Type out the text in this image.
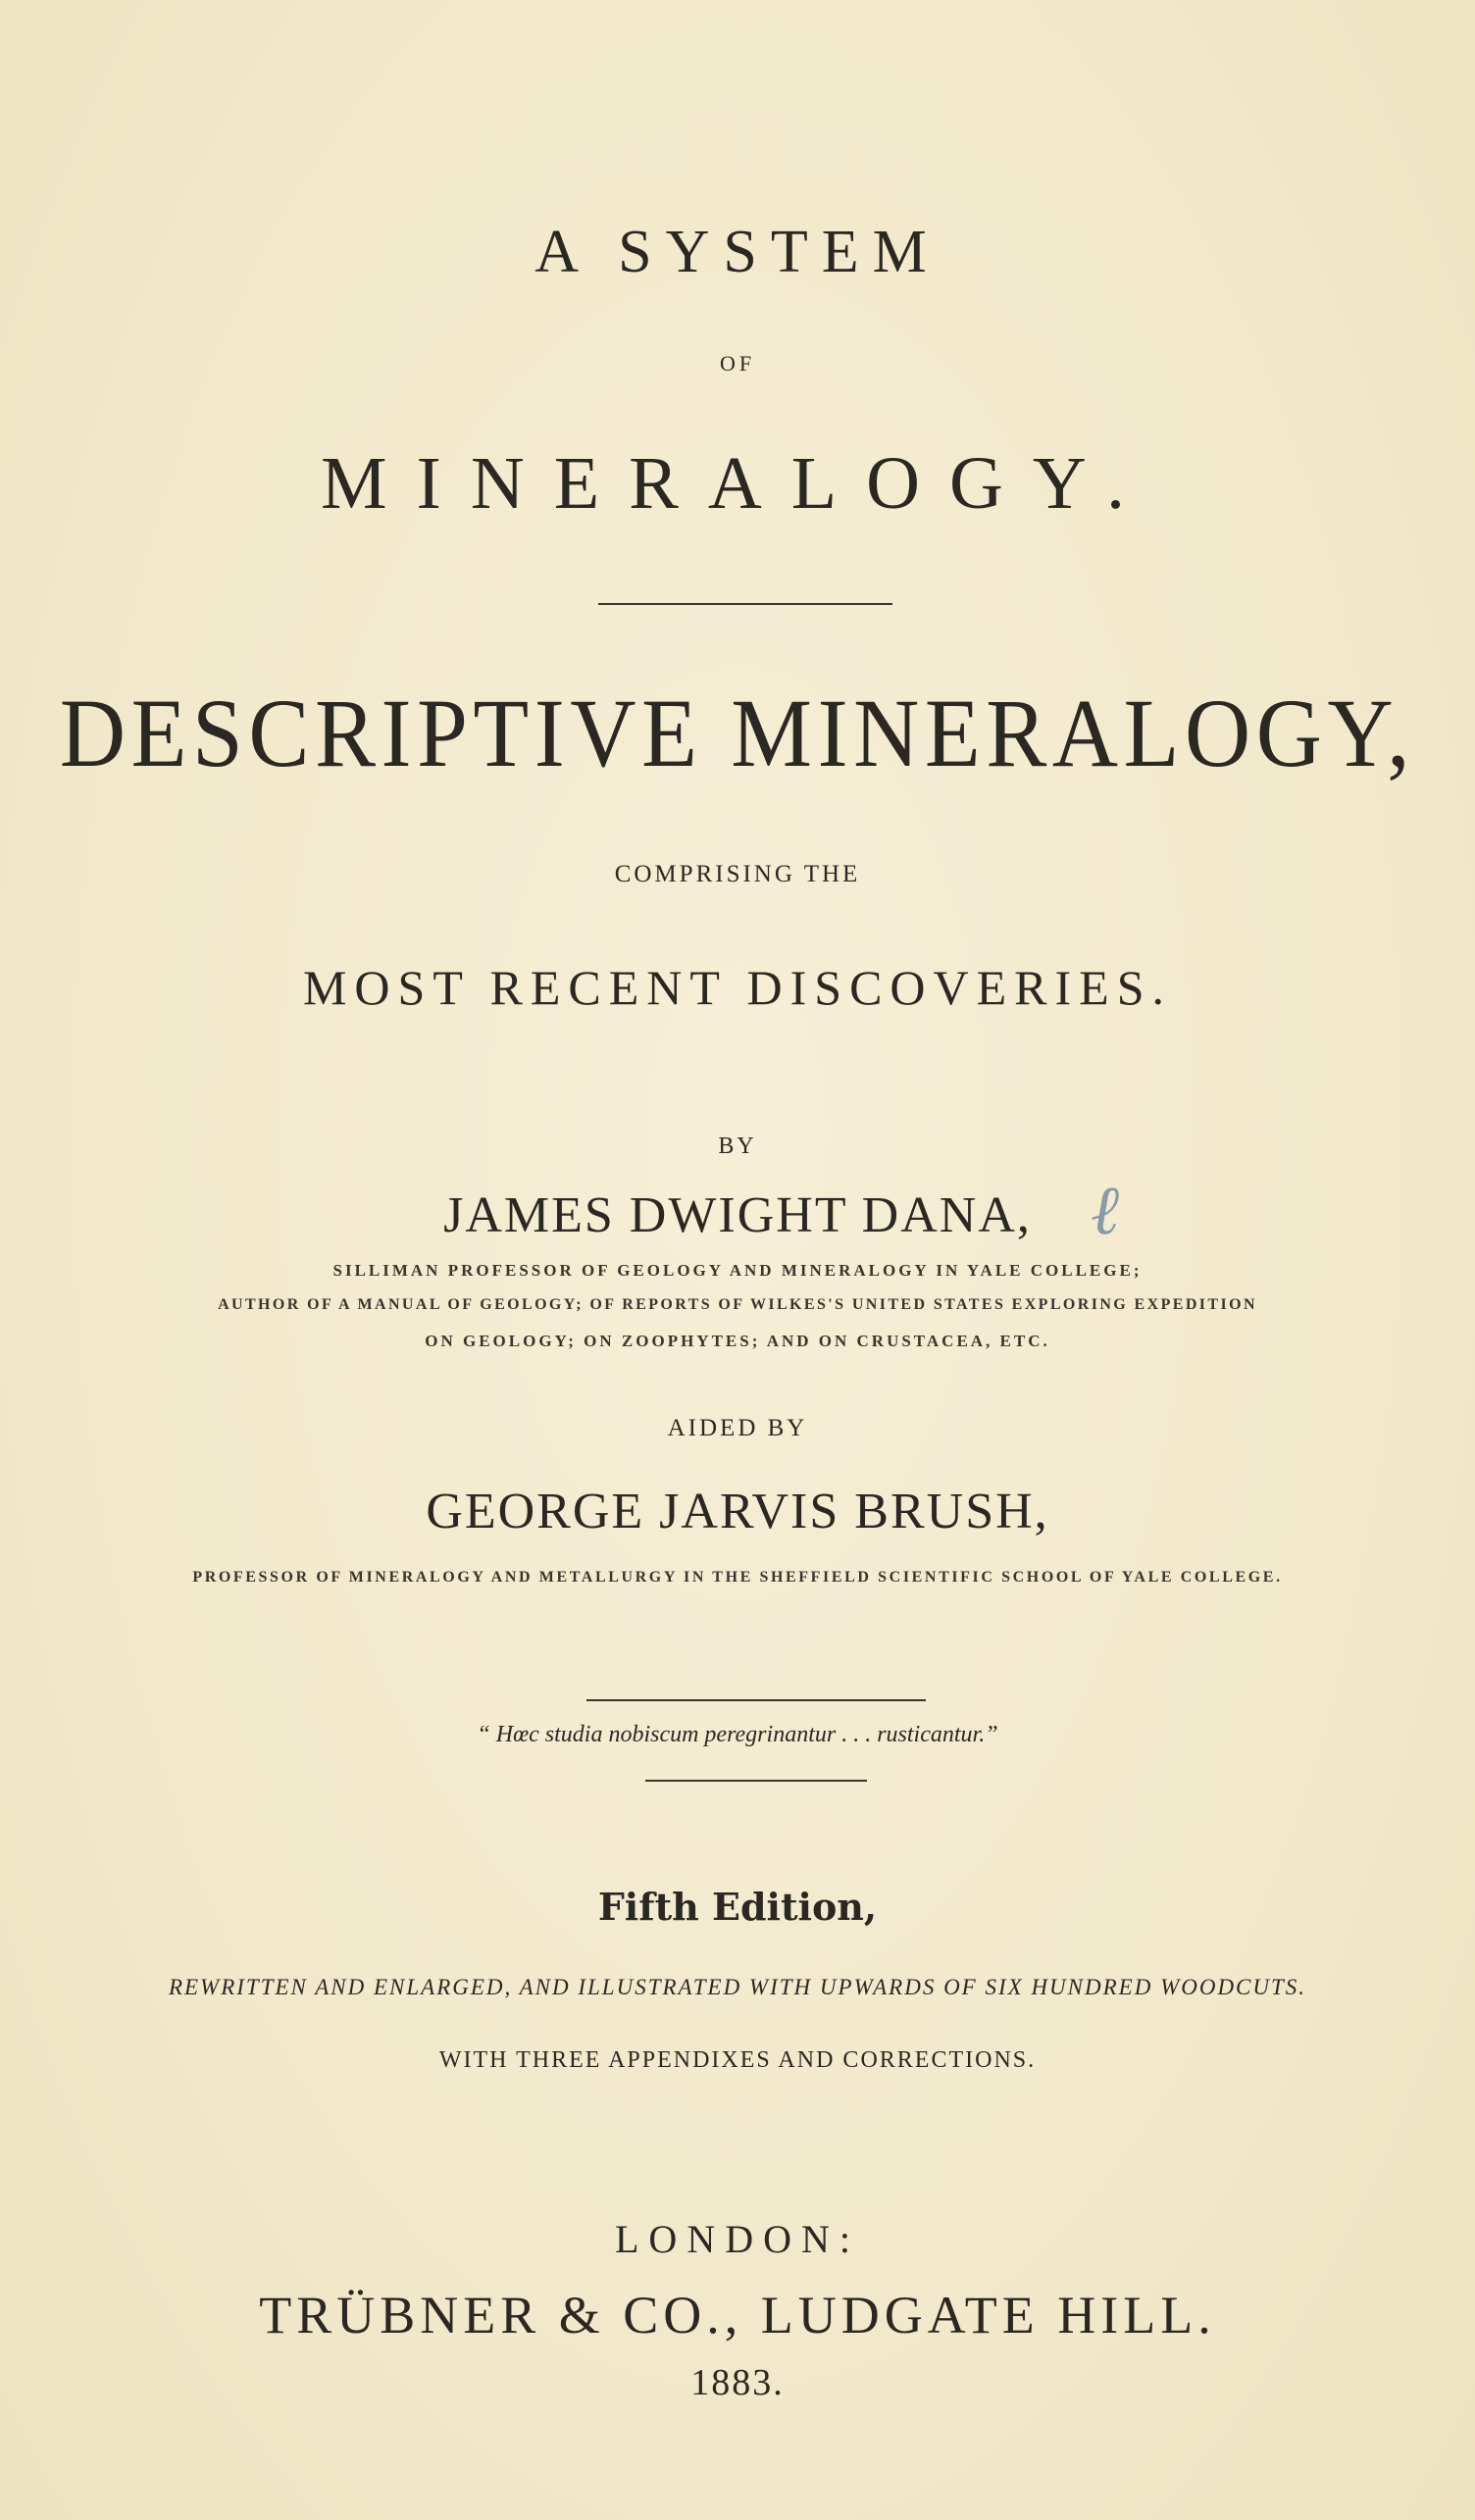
A SYSTEM
OF
MINERALOGY.
DESCRIPTIVE MINERALOGY,
COMPRISING THE
MOST RECENT DISCOVERIES.
BY
JAMES DWIGHT DANA, ℓ
SILLIMAN PROFESSOR OF GEOLOGY AND MINERALOGY IN YALE COLLEGE;
AUTHOR OF A MANUAL OF GEOLOGY; OF REPORTS OF WILKES'S UNITED STATES EXPLORING EXPEDITION
ON GEOLOGY; ON ZOOPHYTES; AND ON CRUSTACEA, ETC.
AIDED BY
GEORGE JARVIS BRUSH,
PROFESSOR OF MINERALOGY AND METALLURGY IN THE SHEFFIELD SCIENTIFIC SCHOOL OF YALE COLLEGE.
“ Hœc studia nobiscum peregrinantur . . . rusticantur.”
Fifth Edition,
REWRITTEN AND ENLARGED, AND ILLUSTRATED WITH UPWARDS OF SIX HUNDRED WOODCUTS.
WITH THREE APPENDIXES AND CORRECTIONS.
LONDON:
TRÜBNER & CO., LUDGATE HILL.
1883.
